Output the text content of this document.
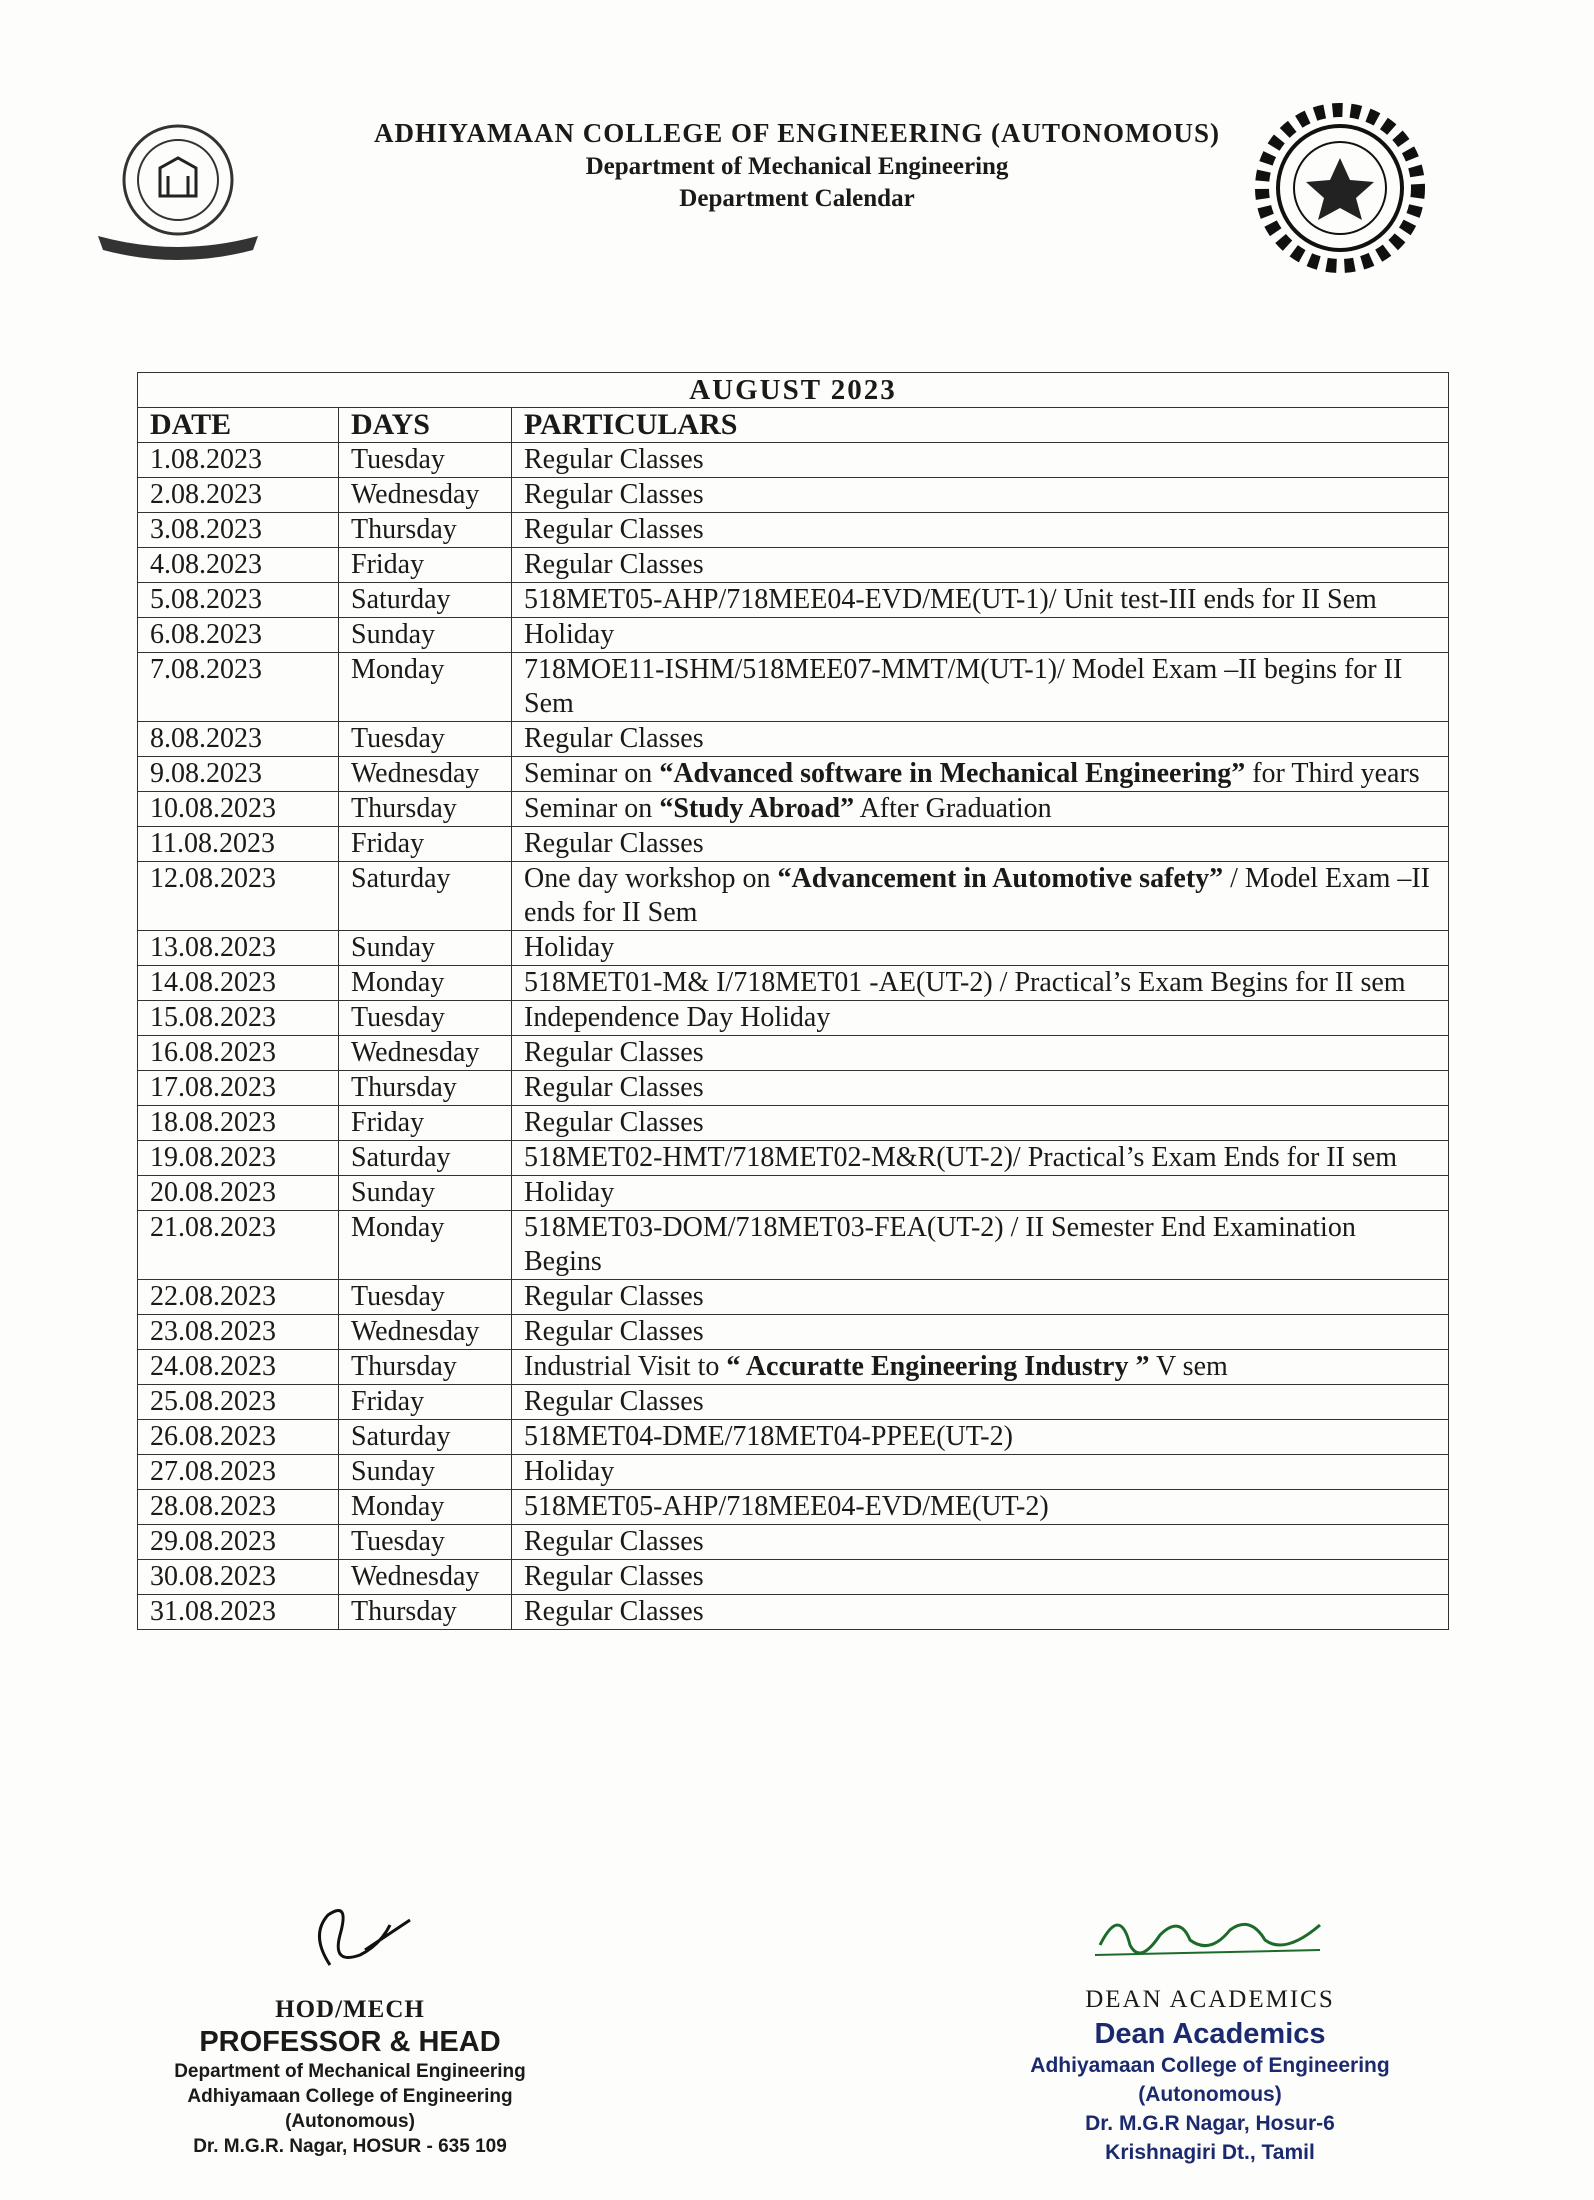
ADHIYAMAAN COLLEGE OF ENGINEERING (AUTONOMOUS)
Department of Mechanical Engineering
Department Calendar
AUGUST 2023		
DATE	DAYS	PARTICULARS
1.08.2023	Tuesday	Regular Classes
2.08.2023	Wednesday	Regular Classes
3.08.2023	Thursday	Regular Classes
4.08.2023	Friday	Regular Classes
5.08.2023	Saturday	518MET05-AHP/718MEE04-EVD/ME(UT-1)/ Unit test-III ends for II Sem
6.08.2023	Sunday	Holiday
7.08.2023	Monday	718MOE11-ISHM/518MEE07-MMT/M(UT-1)/ Model Exam –II begins for II Sem
8.08.2023	Tuesday	Regular Classes
9.08.2023	Wednesday	Seminar on “Advanced software in Mechanical Engineering” for Third years
10.08.2023	Thursday	Seminar on “Study Abroad” After Graduation
11.08.2023	Friday	Regular Classes
12.08.2023	Saturday	One day workshop on “Advancement in Automotive safety” / Model Exam –II ends for II Sem
13.08.2023	Sunday	Holiday
14.08.2023	Monday	518MET01-M& I/718MET01 -AE(UT-2) / Practical’s Exam Begins for II sem
15.08.2023	Tuesday	Independence Day Holiday
16.08.2023	Wednesday	Regular Classes
17.08.2023	Thursday	Regular Classes
18.08.2023	Friday	Regular Classes
19.08.2023	Saturday	518MET02-HMT/718MET02-M&R(UT-2)/ Practical’s Exam Ends for II sem
20.08.2023	Sunday	Holiday
21.08.2023	Monday	518MET03-DOM/718MET03-FEA(UT-2) / II Semester End Examination Begins
22.08.2023	Tuesday	Regular Classes
23.08.2023	Wednesday	Regular Classes
24.08.2023	Thursday	Industrial Visit to “ Accuratte Engineering Industry ” V sem
25.08.2023	Friday	Regular Classes
26.08.2023	Saturday	518MET04-DME/718MET04-PPEE(UT-2)
27.08.2023	Sunday	Holiday
28.08.2023	Monday	518MET05-AHP/718MEE04-EVD/ME(UT-2)
29.08.2023	Tuesday	Regular Classes
30.08.2023	Wednesday	Regular Classes
31.08.2023	Thursday	Regular Classes
HOD/MECH
PROFESSOR & HEAD
Department of Mechanical Engineering
Adhiyamaan College of Engineering (Autonomous)
Dr. M.G.R. Nagar, HOSUR - 635 109
DEAN ACADEMICS
Dean Academics
Adhiyamaan College of Engineering (Autonomous)
Dr. M.G.R Nagar, Hosur-6
Krishnagiri Dt., Tamil
